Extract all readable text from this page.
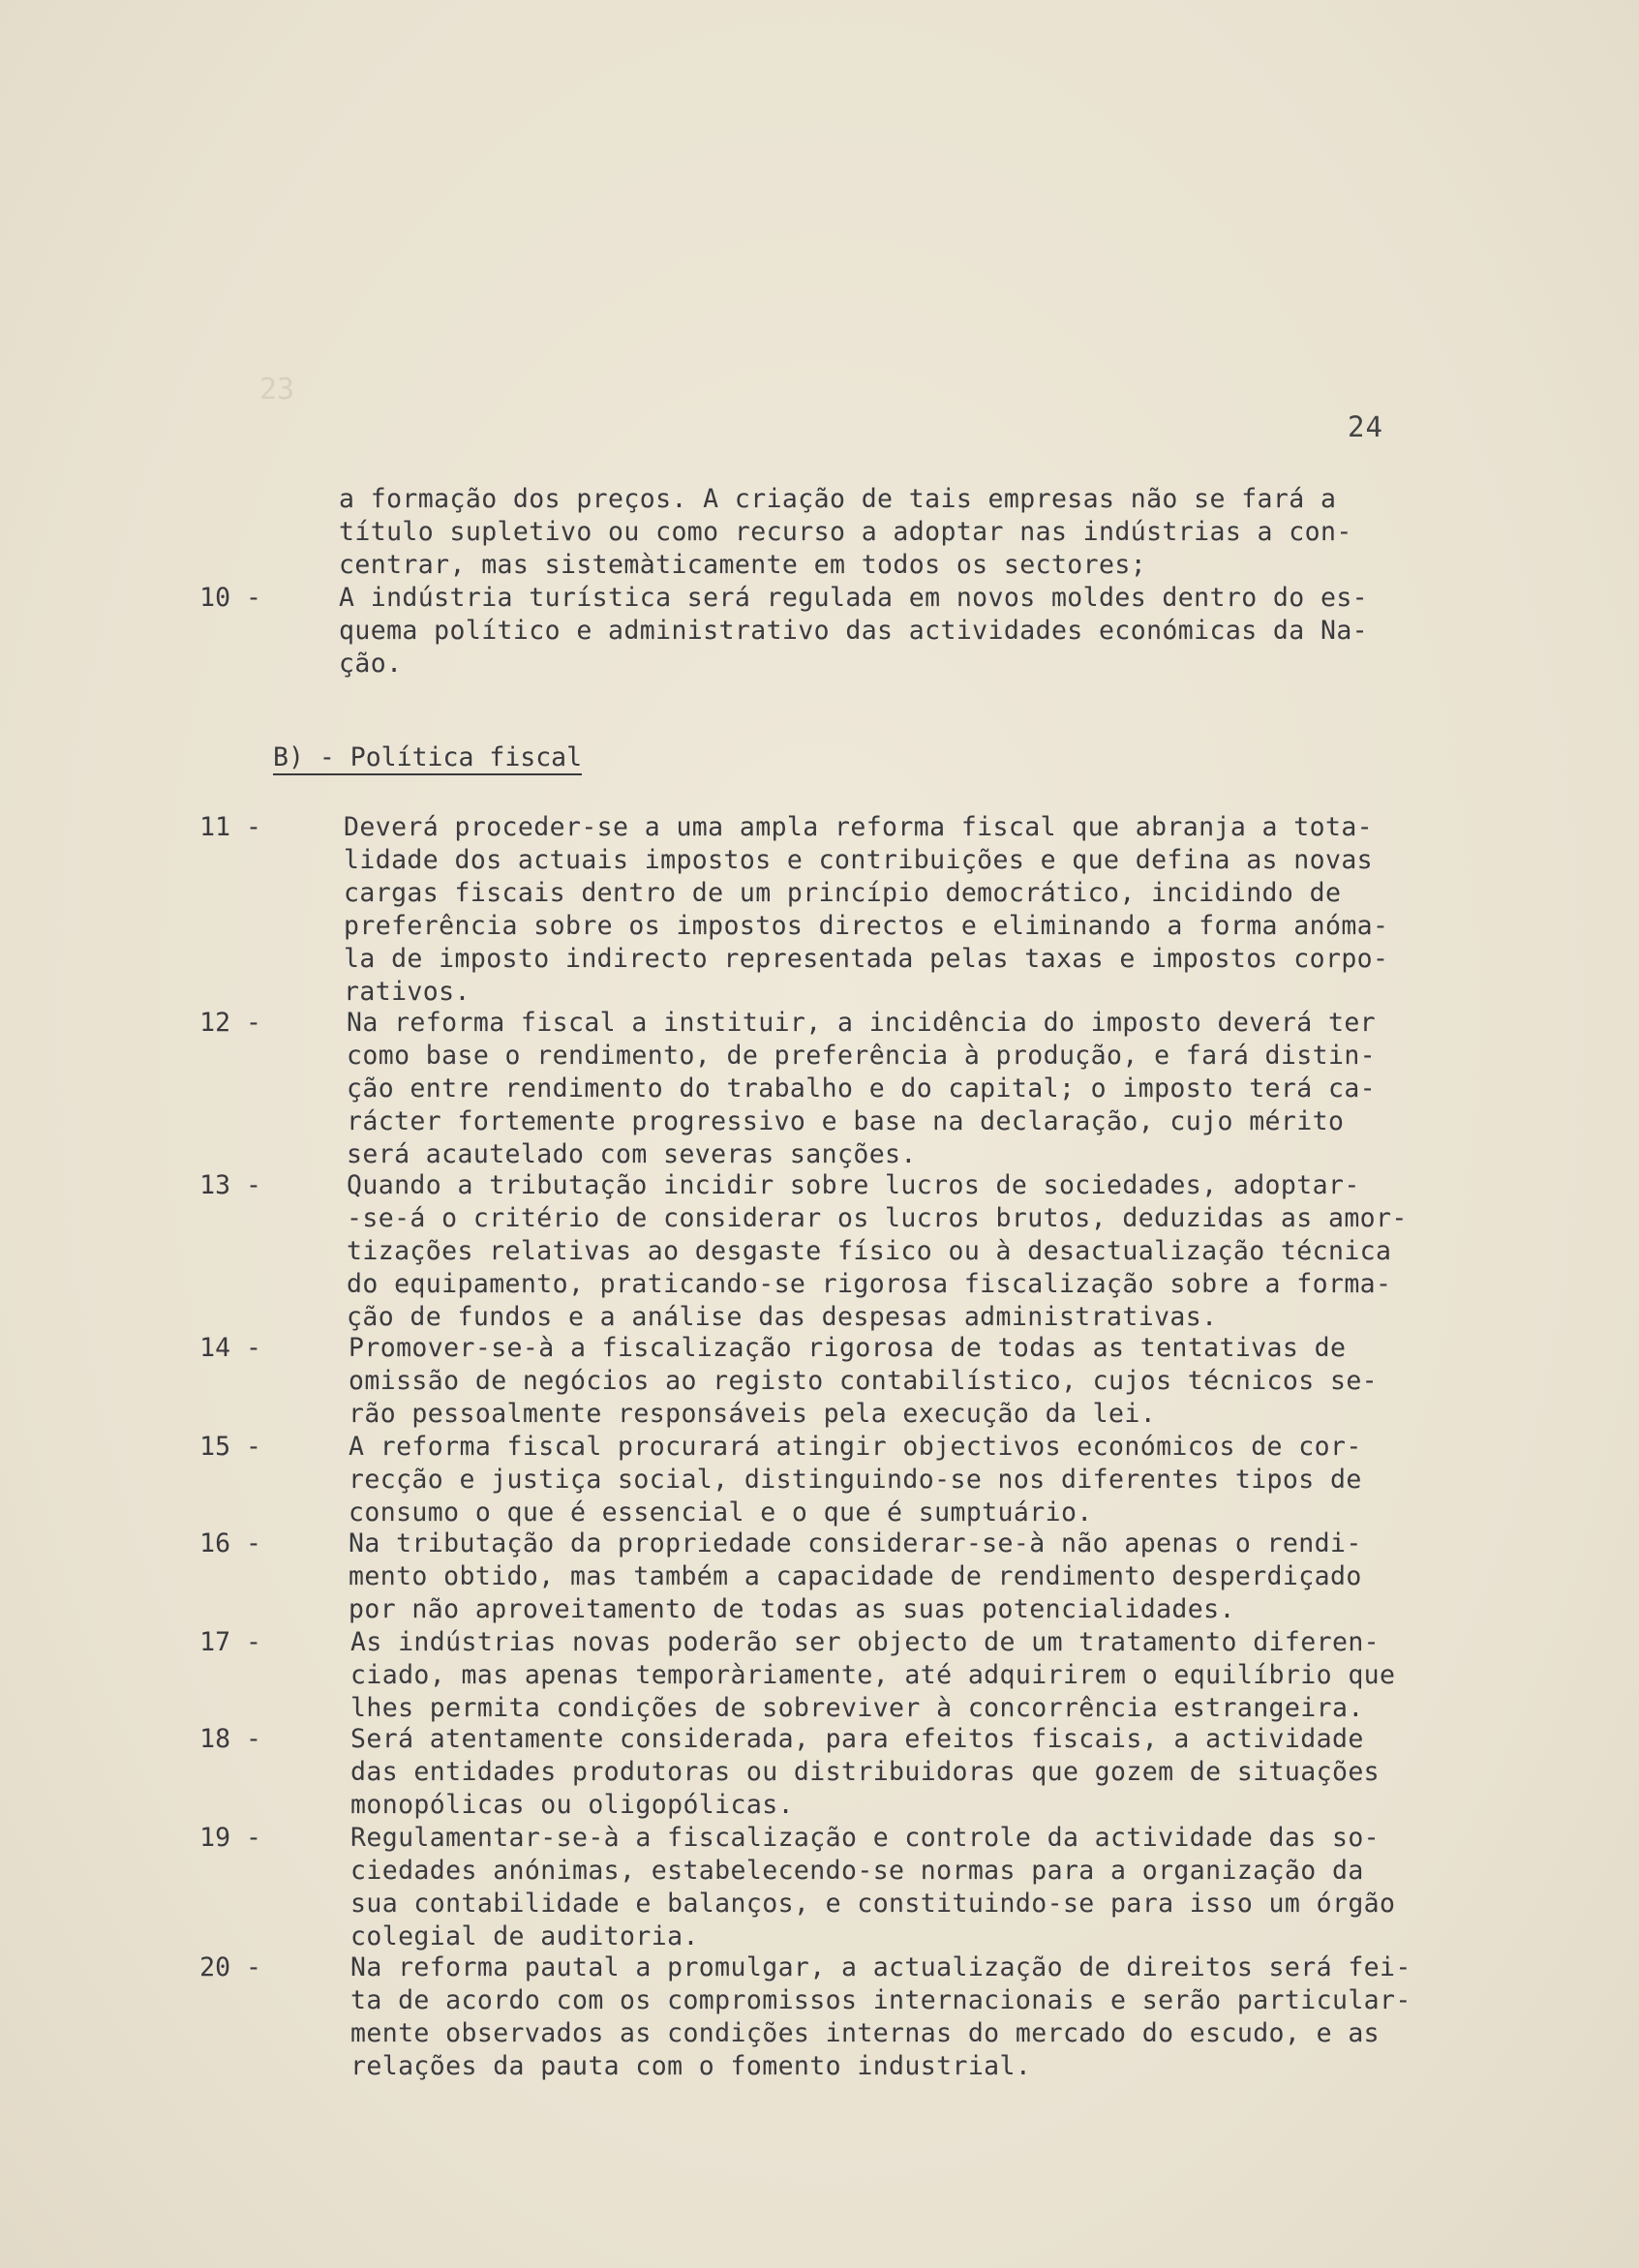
23
24
a formação dos preços. A criação de tais empresas não se fará a
título supletivo ou como recurso a adoptar nas indústrias a con-
centrar, mas sistemàticamente em todos os sectores;
10 -	A indústria turística será regulada em novos moldes dentro do es-
quema político e administrativo das actividades económicas da Na-
ção.
B) - Política fiscal
11 -	Deverá proceder-se a uma ampla reforma fiscal que abranja a tota-
lidade dos actuais impostos e contribuições e que defina as novas
cargas fiscais dentro de um princípio democrático, incidindo de
preferência sobre os impostos directos e eliminando a forma anóma-
la de imposto indirecto representada pelas taxas e impostos corpo-
rativos.
12 -	Na reforma fiscal a instituir, a incidência do imposto deverá ter
como base o rendimento, de preferência à produção, e fará distin-
ção entre rendimento do trabalho e do capital; o imposto terá ca-
rácter fortemente progressivo e base na declaração, cujo mérito
será acautelado com severas sanções.
13 -	Quando a tributação incidir sobre lucros de sociedades, adoptar-
-se-á o critério de considerar os lucros brutos, deduzidas as amor-
tizações relativas ao desgaste físico ou à desactualização técnica
do equipamento, praticando-se rigorosa fiscalização sobre a forma-
ção de fundos e a análise das despesas administrativas.
14 -	Promover-se-à a fiscalização rigorosa de todas as tentativas de
omissão de negócios ao registo contabilístico, cujos técnicos se-
rão pessoalmente responsáveis pela execução da lei.
15 -	A reforma fiscal procurará atingir objectivos económicos de cor-
recção e justiça social, distinguindo-se nos diferentes tipos de
consumo o que é essencial e o que é sumptuário.
16 -	Na tributação da propriedade considerar-se-à não apenas o rendi-
mento obtido, mas também a capacidade de rendimento desperdiçado
por não aproveitamento de todas as suas potencialidades.
17 -	As indústrias novas poderão ser objecto de um tratamento diferen-
ciado, mas apenas temporàriamente, até adquirirem o equilíbrio que
lhes permita condições de sobreviver à concorrência estrangeira.
18 -	Será atentamente considerada, para efeitos fiscais, a actividade
das entidades produtoras ou distribuidoras que gozem de situações
monopólicas ou oligopólicas.
19 -	Regulamentar-se-à a fiscalização e controle da actividade das so-
ciedades anónimas, estabelecendo-se normas para a organização da
sua contabilidade e balanços, e constituindo-se para isso um órgão
colegial de auditoria.
20 -	Na reforma pautal a promulgar, a actualização de direitos será fei-
ta de acordo com os compromissos internacionais e serão particular-
mente observados as condições internas do mercado do escudo, e as
relações da pauta com o fomento industrial.
